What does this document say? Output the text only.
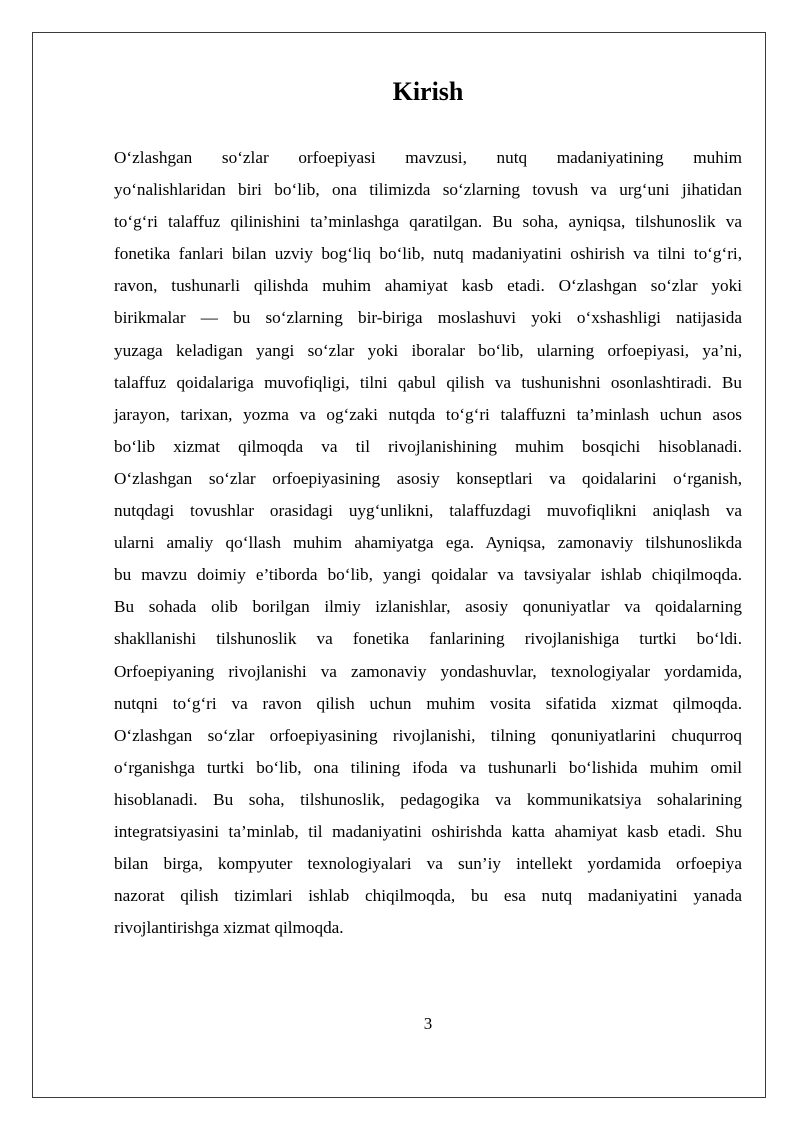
Kirish

O‘zlashgan so‘zlar orfoepiyasi mavzusi, nutq madaniyatining muhim
yo‘nalishlaridan biri bo‘lib, ona tilimizda so‘zlarning tovush va urg‘uni jihatidan
to‘g‘ri talaffuz qilinishini ta’minlashga qaratilgan. Bu soha, ayniqsa, tilshunoslik va
fonetika fanlari bilan uzviy bog‘liq bo‘lib, nutq madaniyatini oshirish va tilni to‘g‘ri,
ravon, tushunarli qilishda muhim ahamiyat kasb etadi. O‘zlashgan so‘zlar yoki
birikmalar — bu so‘zlarning bir-biriga moslashuvi yoki o‘xshashligi natijasida
yuzaga keladigan yangi so‘zlar yoki iboralar bo‘lib, ularning orfoepiyasi, ya’ni,
talaffuz qoidalariga muvofiqligi, tilni qabul qilish va tushunishni osonlashtiradi. Bu
jarayon, tarixan, yozma va og‘zaki nutqda to‘g‘ri talaffuzni ta’minlash uchun asos
bo‘lib xizmat qilmoqda va til rivojlanishining muhim bosqichi hisoblanadi.
O‘zlashgan so‘zlar orfoepiyasining asosiy konseptlari va qoidalarini o‘rganish,
nutqdagi tovushlar orasidagi uyg‘unlikni, talaffuzdagi muvofiqlikni aniqlash va
ularni amaliy qo‘llash muhim ahamiyatga ega. Ayniqsa, zamonaviy tilshunoslikda
bu mavzu doimiy e’tiborda bo‘lib, yangi qoidalar va tavsiyalar ishlab chiqilmoqda.
Bu sohada olib borilgan ilmiy izlanishlar, asosiy qonuniyatlar va qoidalarning
shakllanishi tilshunoslik va fonetika fanlarining rivojlanishiga turtki bo‘ldi.
Orfoepiyaning rivojlanishi va zamonaviy yondashuvlar, texnologiyalar yordamida,
nutqni to‘g‘ri va ravon qilish uchun muhim vosita sifatida xizmat qilmoqda.
O‘zlashgan so‘zlar orfoepiyasining rivojlanishi, tilning qonuniyatlarini chuqurroq
o‘rganishga turtki bo‘lib, ona tilining ifoda va tushunarli bo‘lishida muhim omil
hisoblanadi. Bu soha, tilshunoslik, pedagogika va kommunikatsiya sohalarining
integratsiyasini ta’minlab, til madaniyatini oshirishda katta ahamiyat kasb etadi. Shu
bilan birga, kompyuter texnologiyalari va sun’iy intellekt yordamida orfoepiya
nazorat qilish tizimlari ishlab chiqilmoqda, bu esa nutq madaniyatini yanada
rivojlantirishga xizmat qilmoqda.

3
